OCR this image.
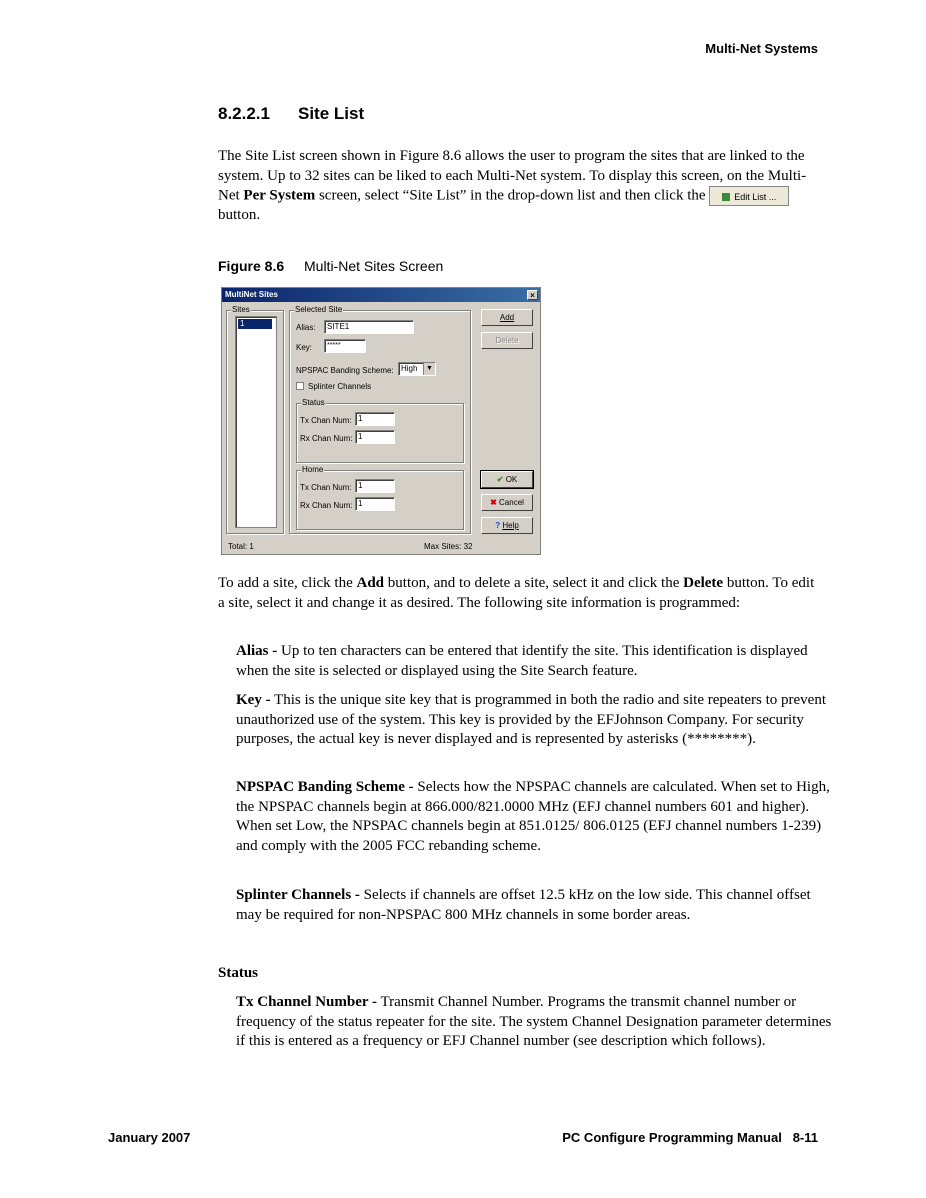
Multi-Net Systems
8.2.2.1 Site List

The Site List screen shown in Figure 8.6 allows the user to program the sites that are linked to the system. Up to 32 sites can be liked to each Multi-Net system. To display this screen, on the Multi-Net Per System screen, select “Site List” in the drop-down list and then click the	Edit List ... button.

Figure 8.6 Multi-Net Sites Screen
MultiNet Sites	×
Sites
1
Selected Site
Alias:	SITE1
Key:	*****
NPSPAC Banding Scheme: High	▼
Splinter Channels
Status
Tx Chan Num: 1
Rx Chan Num: 1
Home
Tx Chan Num: 1
Rx Chan Num: 1
Add
Delete
✔ OK
✖ Cancel
? Help
Total: 1	Max Sites: 32

To add a site, click the Add button, and to delete a site, select it and click the Delete button. To edit a site, select it and change it as desired. The following site information is programmed:

Alias - Up to ten characters can be entered that identify the site. This identification is displayed when the site is selected or displayed using the Site Search feature.

Key - This is the unique site key that is programmed in both the radio and site repeaters to prevent unauthorized use of the system. This key is provided by the EFJohnson Company. For security purposes, the actual key is never displayed and is represented by asterisks (********).

NPSPAC Banding Scheme - Selects how the NPSPAC channels are calculated. When set to High, the NPSPAC channels begin at 866.000/821.0000 MHz (EFJ channel numbers 601 and higher). When set Low, the NPSPAC channels begin at 851.0125/ 806.0125 (EFJ channel numbers 1-239) and comply with the 2005 FCC rebanding scheme.

Splinter Channels - Selects if channels are offset 12.5 kHz on the low side. This channel offset may be required for non-NPSPAC 800 MHz channels in some border areas.

Status

Tx Channel Number - Transmit Channel Number. Programs the transmit channel number or frequency of the status repeater for the site. The system Channel Designation parameter determines if this is entered as a frequency or EFJ Channel number (see description which follows).

January 2007	PC Configure Programming Manual 8-11
